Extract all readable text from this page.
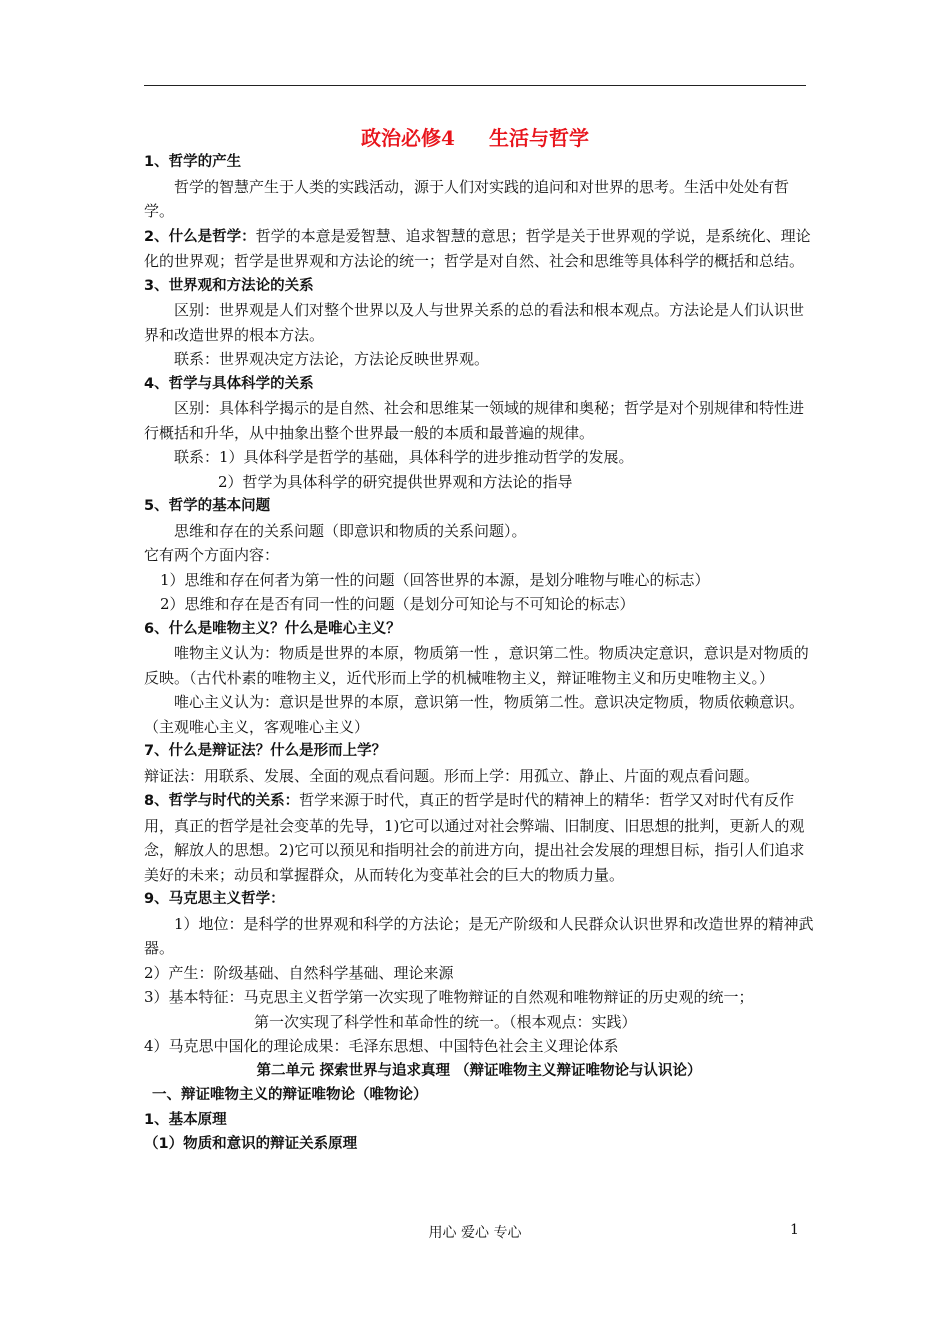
政治必修4 生活与哲学

1、哲学的产生

哲学的智慧产生于人类的实践活动，源于人们对实践的追问和对世界的思考。生活中处处有哲学。

2、什么是哲学：哲学的本意是爱智慧、追求智慧的意思；哲学是关于世界观的学说，是系统化、理论化的世界观；哲学是世界观和方法论的统一；哲学是对自然、社会和思维等具体科学的概括和总结。

3、世界观和方法论的关系

区别：世界观是人们对整个世界以及人与世界关系的总的看法和根本观点。方法论是人们认识世界和改造世界的根本方法。

联系：世界观决定方法论，方法论反映世界观。

4、哲学与具体科学的关系

区别：具体科学揭示的是自然、社会和思维某一领域的规律和奥秘；哲学是对个别规律和特性进行概括和升华，从中抽象出整个世界最一般的本质和最普遍的规律。

联系：1）具体科学是哲学的基础，具体科学的进步推动哲学的发展。

2）哲学为具体科学的研究提供世界观和方法论的指导

5、哲学的基本问题

思维和存在的关系问题（即意识和物质的关系问题）。

它有两个方面内容：

1）思维和存在何者为第一性的问题（回答世界的本源，是划分唯物与唯心的标志）

2）思维和存在是否有同一性的问题（是划分可知论与不可知论的标志）

6、什么是唯物主义？什么是唯心主义？

唯物主义认为：物质是世界的本原，物质第一性 ，意识第二性。物质决定意识，意识是对物质的反映。（古代朴素的唯物主义，近代形而上学的机械唯物主义，辩证唯物主义和历史唯物主义。）

唯心主义认为：意识是世界的本原，意识第一性，物质第二性。意识决定物质，物质依赖意识。（主观唯心主义，客观唯心主义）

7、什么是辩证法？什么是形而上学？

辩证法：用联系、发展、全面的观点看问题。形而上学：用孤立、静止、片面的观点看问题。

8、哲学与时代的关系：哲学来源于时代，真正的哲学是时代的精神上的精华：哲学又对时代有反作用，真正的哲学是社会变革的先导，1)它可以通过对社会弊端、旧制度、旧思想的批判，更新人的观念，解放人的思想。2)它可以预见和指明社会的前进方向，提出社会发展的理想目标，指引人们追求美好的未来；动员和掌握群众，从而转化为变革社会的巨大的物质力量。

9、马克思主义哲学：

1）地位：是科学的世界观和科学的方法论；是无产阶级和人民群众认识世界和改造世界的精神武器。

2）产生：阶级基础、自然科学基础、理论来源

3）基本特征：马克思主义哲学第一次实现了唯物辩证的自然观和唯物辩证的历史观的统一；

第一次实现了科学性和革命性的统一。（根本观点：实践）

4）马克思中国化的理论成果：毛泽东思想、中国特色社会主义理论体系

第二单元 探索世界与追求真理 （辩证唯物主义辩证唯物论与认识论）

一、辩证唯物主义的辩证唯物论（唯物论）

1、基本原理

（1）物质和意识的辩证关系原理

用心 爱心 专心	1
